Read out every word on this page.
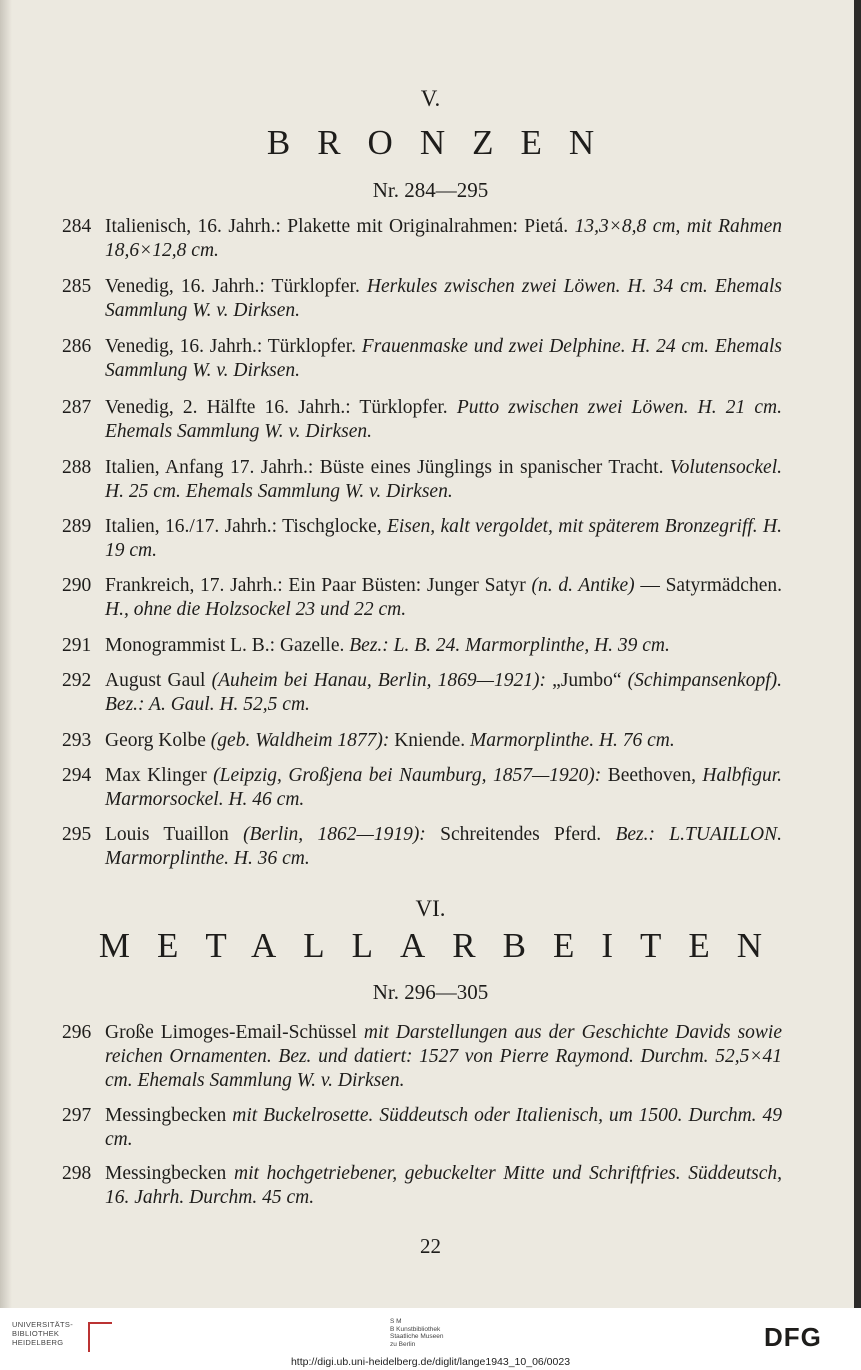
V.
BRONZEN
Nr. 284—295
284 Italienisch, 16. Jahrh.: Plakette mit Originalrahmen: Pietá. 13,3×8,8 cm, mit Rahmen 18,6×12,8 cm.
285 Venedig, 16. Jahrh.: Türklopfer. Herkules zwischen zwei Löwen. H. 34 cm. Ehemals Sammlung W. v. Dirksen.
286 Venedig, 16. Jahrh.: Türklopfer. Frauenmaske und zwei Delphine. H. 24 cm. Ehemals Sammlung W. v. Dirksen.
287 Venedig, 2. Hälfte 16. Jahrh.: Türklopfer. Putto zwischen zwei Löwen. H. 21 cm. Ehemals Sammlung W. v. Dirksen.
288 Italien, Anfang 17. Jahrh.: Büste eines Jünglings in spanischer Tracht. Volutensockel. H. 25 cm. Ehemals Sammlung W. v. Dirksen.
289 Italien, 16./17. Jahrh.: Tischglocke, Eisen, kalt vergoldet, mit späterem Bronzegriff. H. 19 cm.
290 Frankreich, 17. Jahrh.: Ein Paar Büsten: Junger Satyr (n. d. Antike) — Satyrmädchen. H., ohne die Holzsockel 23 und 22 cm.
291 Monogrammist L. B.: Gazelle. Bez.: L. B. 24. Marmorplinthe, H. 39 cm.
292 August Gaul (Auheim bei Hanau, Berlin, 1869—1921): „Jumbo“ (Schimpansenkopf). Bez.: A. Gaul. H. 52,5 cm.
293 Georg Kolbe (geb. Waldheim 1877): Kniende. Marmorplinthe. H. 76 cm.
294 Max Klinger (Leipzig, Großjena bei Naumburg, 1857—1920): Beethoven, Halbfigur. Marmorsockel. H. 46 cm.
295 Louis Tuaillon (Berlin, 1862—1919): Schreitendes Pferd. Bez.: L.TUAILLON. Marmorplinthe. H. 36 cm.
VI.
METALLARBEITEN
Nr. 296—305
296 Große Limoges-Email-Schüssel mit Darstellungen aus der Geschichte Davids sowie reichen Ornamenten. Bez. und datiert: 1527 von Pierre Raymond. Durchm. 52,5×41 cm. Ehemals Sammlung W. v. Dirksen.
297 Messingbecken mit Buckelrosette. Süddeutsch oder Italienisch, um 1500. Durchm. 49 cm.
298 Messingbecken mit hochgetriebener, gebuckelter Mitte und Schriftfries. Süddeutsch, 16. Jahrh. Durchm. 45 cm.
22
UNIVERSITÄTS-
BIBLIOTHEK
HEIDELBERG
S M
B Kunstbibliothek
Staatliche Museen
zu Berlin	DFG
http://digi.ub.uni-heidelberg.de/diglit/lange1943_10_06/0023
